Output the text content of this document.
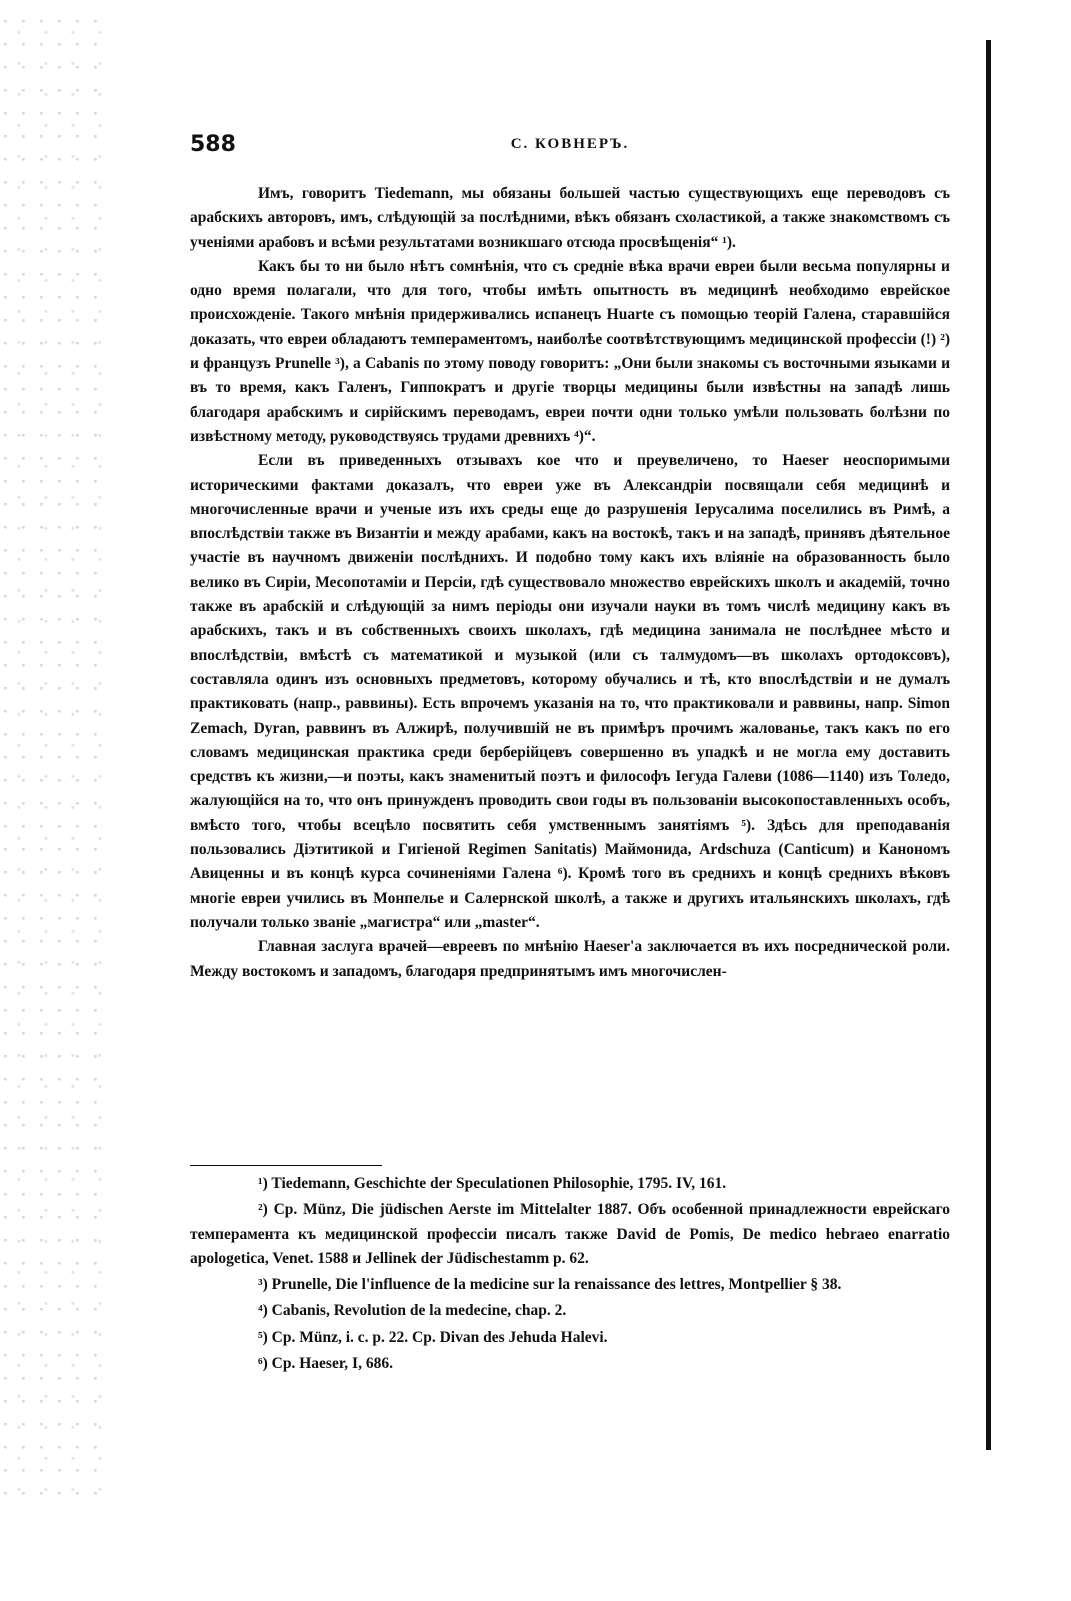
588	С. КОВНЕРЪ.

Имъ, говоритъ Tiedemann, мы обязаны большей частью существующихъ еще переводовъ съ арабскихъ авторовъ, имъ, слѣдующій за послѣдними, вѣкъ обязанъ схоластикой, а также знакомствомъ съ ученіями арабовъ и всѣми результатами возникшаго отсюда просвѣщенія“ ¹).

Какъ бы то ни было нѣтъ сомнѣнія, что съ средніе вѣка врачи евреи были весьма популярны и одно время полагали, что для того, чтобы имѣть опытность въ медицинѣ необходимо еврейское происхожденіе. Такого мнѣнія придерживались испанецъ Huarte съ помощью теорій Галена, старавшійся доказать, что евреи обладаютъ темпераментомъ, наиболѣе соотвѣтствующимъ медицинской профессіи (!) ²) и французъ Prunelle ³), а Cabanis по этому поводу говоритъ: „Они были знакомы съ восточными языками и въ то время, какъ Галенъ, Гиппократъ и другіе творцы медицины были извѣстны на западѣ лишь благодаря арабскимъ и сирійскимъ переводамъ, евреи почти одни только умѣли пользовать болѣзни по извѣстному методу, руководствуясь трудами древнихъ ⁴)“.

Если въ приведенныхъ отзывахъ кое что и преувеличено, то Haeser неоспоримыми историческими фактами доказалъ, что евреи уже въ Александріи посвящали себя медицинѣ и многочисленные врачи и ученые изъ ихъ среды еще до разрушенія Іерусалима поселились въ Римѣ, а впослѣдствіи также въ Византіи и между арабами, какъ на востокѣ, такъ и на западѣ, принявъ дѣятельное участіе въ научномъ движеніи послѣднихъ. И подобно тому какъ ихъ вліяніе на образованность было велико въ Сиріи, Месопотаміи и Персіи, гдѣ существовало множество еврейскихъ школъ и академій, точно также въ арабскій и слѣдующій за нимъ періоды они изучали науки въ томъ числѣ медицину какъ въ арабскихъ, такъ и въ собственныхъ своихъ школахъ, гдѣ медицина занимала не послѣднее мѣсто и впослѣдствіи, вмѣстѣ съ математикой и музыкой (или съ талмудомъ—въ школахъ ортодоксовъ), составляла одинъ изъ основныхъ предметовъ, которому обучались и тѣ, кто впослѣдствіи и не думалъ практиковать (напр., раввины). Есть впрочемъ указанія на то, что практиковали и раввины, напр. Simon Zemach, Dyran, раввинъ въ Алжирѣ, получившій не въ примѣръ прочимъ жалованье, такъ какъ по его словамъ медицинская практика среди берберійцевъ совершенно въ упадкѣ и не могла ему доставить средствъ къ жизни,—и поэты, какъ знаменитый поэтъ и философъ Іегуда Галеви (1086—1140) изъ Толедо, жалующійся на то, что онъ принужденъ проводить свои годы въ пользованіи высокопоставленныхъ особъ, вмѣсто того, чтобы всецѣло посвятить себя умственнымъ занятіямъ ⁵). Здѣсь для преподаванія пользовались Діэтитикой и Гигіеной Regimen Sanitatis) Маймонида, Ardschuza (Canticum) и Канономъ Авиценны и въ концѣ курса сочиненіями Галена ⁶). Кромѣ того въ среднихъ и концѣ среднихъ вѣковъ многіе евреи учились въ Монпелье и Салернской школѣ, а также и другихъ итальянскихъ школахъ, гдѣ получали только званіе „магистра“ или „master“.

Главная заслуга врачей—евреевъ по мнѣнію Haeser'а заключается въ ихъ посреднической роли. Между востокомъ и западомъ, благодаря предпринятымъ имъ многочислен-

¹) Tiedemann, Geschichte der Speculationen Philosophie, 1795. IV, 161.

²) Ср. Münz, Die jüdischen Aerste im Mittelalter 1887. Объ особенной принадлежности еврейскаго темперамента къ медицинской профессіи писалъ также David de Pomis, De medico hebraeo enarratio apologetica, Venet. 1588 и Jellinek der Jüdischestamm p. 62.

³) Prunelle, Die l'influence de la medicine sur la renaissance des lettres, Montpellier § 38.

⁴) Cabanis, Revolution de la medecine, chap. 2.

⁵) Ср. Münz, i. c. p. 22. Ср. Divan des Jehuda Halevi.

⁶) Ср. Haeser, I, 686.
